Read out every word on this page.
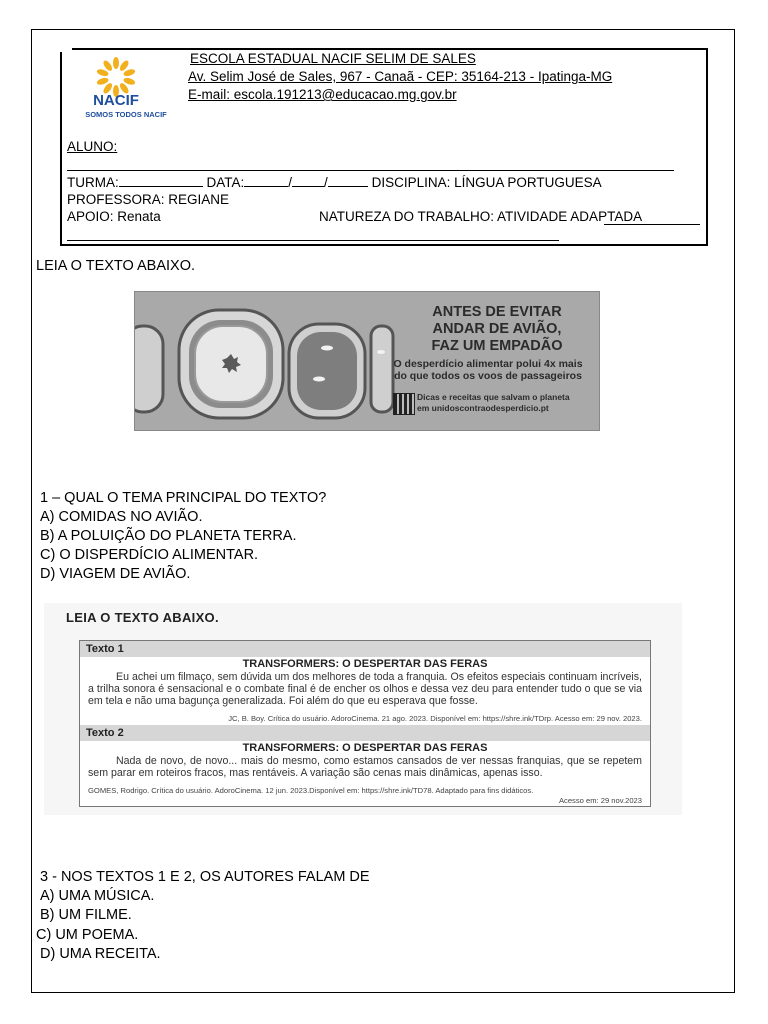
NACIF
SOMOS TODOS NACIF
ESCOLA ESTADUAL NACIF SELIM DE SALES
Av. Selim José de Sales, 967 - Canaã - CEP: 35164-213 - Ipatinga-MG
E-mail: escola.191213@educacao.mg.gov.br
ALUNO:
TURMA:	DATA:	/ /	DISCIPLINA: LÍNGUA PORTUGUESA
PROFESSORA: REGIANE
APOIO: Renata	NATUREZA DO TRABALHO: ATIVIDADE ADAPTADA
LEIA O TEXTO ABAIXO.
ANTES DE EVITAR
ANDAR DE AVIÃO,
FAZ UM EMPADÃO
O desperdício alimentar polui 4x mais
do que todos os voos de passageiros
Dicas e receitas que salvam o planeta
em unidoscontraodesperdicio.pt
1 – QUAL O TEMA PRINCIPAL DO TEXTO?
A) COMIDAS NO AVIÃO.
B) A POLUIÇÃO DO PLANETA TERRA.
C) O DISPERDÍCIO ALIMENTAR.
D) VIAGEM DE AVIÃO.
LEIA O TEXTO ABAIXO.
Texto 1
TRANSFORMERS: O DESPERTAR DAS FERAS
Eu achei um filmaço, sem dúvida um dos melhores de toda a franquia. Os efeitos especiais continuam incríveis, a trilha sonora é sensacional e o combate final é de encher os olhos e dessa vez deu para entender tudo o que se via em tela e não uma bagunça generalizada. Foi além do que eu esperava que fosse.
JC, B. Boy. Crítica do usuário. AdoroCinema. 21 ago. 2023. Disponível em: https://shre.ink/TDrp. Acesso em: 29 nov. 2023.
Texto 2
TRANSFORMERS: O DESPERTAR DAS FERAS
Nada de novo, de novo... mais do mesmo, como estamos cansados de ver nessas franquias, que se repetem sem parar em roteiros fracos, mas rentáveis. A variação são cenas mais dinâmicas, apenas isso.
GOMES, Rodrigo. Crítica do usuário. AdoroCinema. 12 jun. 2023.Disponível em: https://shre.ink/TD78. Adaptado para fins didáticos.
Acesso em: 29 nov.2023
3 - NOS TEXTOS 1 E 2, OS AUTORES FALAM DE
A) UMA MÚSICA.
B) UM FILME.
C) UM POEMA.
D) UMA RECEITA.
